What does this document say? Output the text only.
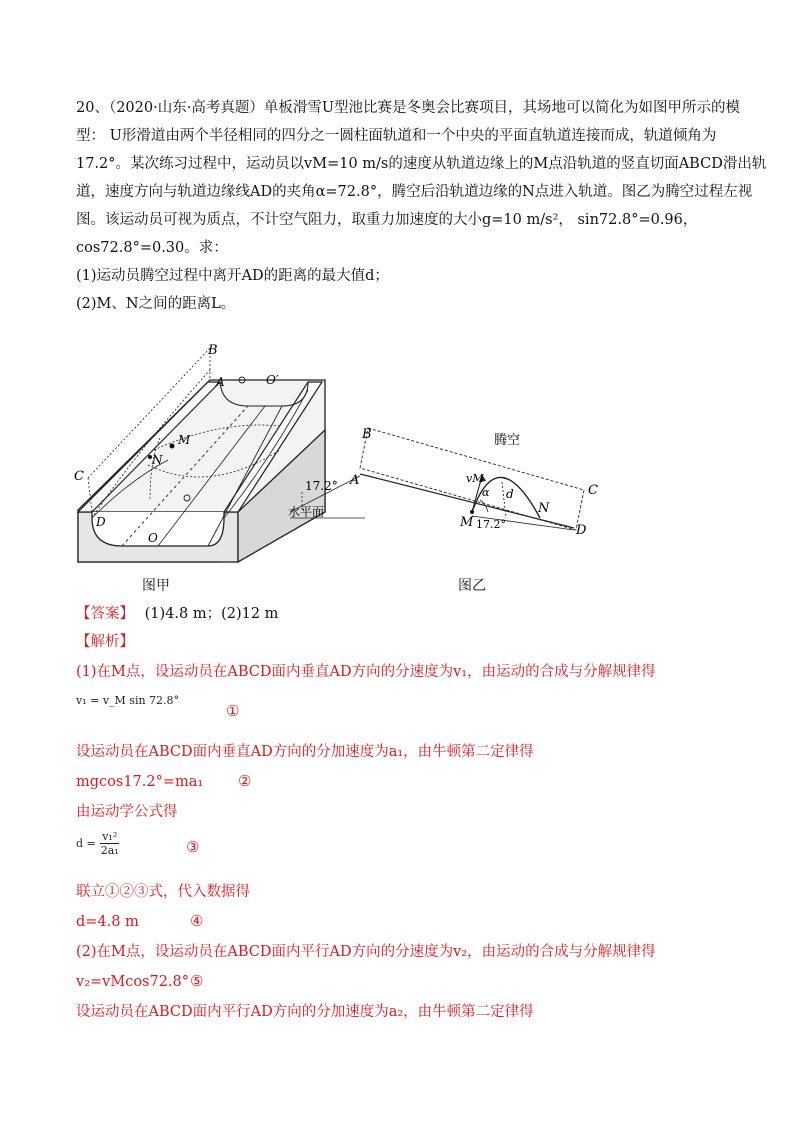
20、（2020·山东·高考真题）单板滑雪U型池比赛是冬奥会比赛项目，其场地可以简化为如图甲所示的模
型： U形滑道由两个半径相同的四分之一圆柱面轨道和一个中央的平面直轨道连接而成，轨道倾角为
17.2°。某次练习过程中，运动员以vM=10 m/s的速度从轨道边缘上的M点沿轨道的竖直切面ABCD滑出轨
道，速度方向与轨道边缘线AD的夹角α=72.8°，腾空后沿轨道边缘的N点进入轨道。图乙为腾空过程左视
图。该运动员可视为质点，不计空气阻力，取重力加速度的大小g=10 m/s²， sin72.8°=0.96，
cos72.8°=0.30。求：
(1)运动员腾空过程中离开AD的距离的最大值d；
(2)M、N之间的距离L。
B
A	O′
M
N
C
D
O
17.2°
水平面
图甲
B
A
C
D
M
N
vM
α d
17.2°
腾空
图乙
【答案】 (1)4.8 m；(2)12 m
【解析】
(1)在M点，设运动员在ABCD面内垂直AD方向的分速度为v₁，由运动的合成与分解规律得
v₁ = v_M sin 72.8°
①
设运动员在ABCD面内垂直AD方向的分加速度为a₁，由牛顿第二定律得
mgcos17.2°=ma₁ ②
由运动学公式得
$d = \frac{\text{v₁²}}{\text{2a₁}}$	③
联立①②③式，代入数据得
d=4.8 m	④
(2)在M点，设运动员在ABCD面内平行AD方向的分速度为v₂，由运动的合成与分解规律得
v₂=vMcos72.8° ⑤
设运动员在ABCD面内平行AD方向的分加速度为a₂，由牛顿第二定律得
